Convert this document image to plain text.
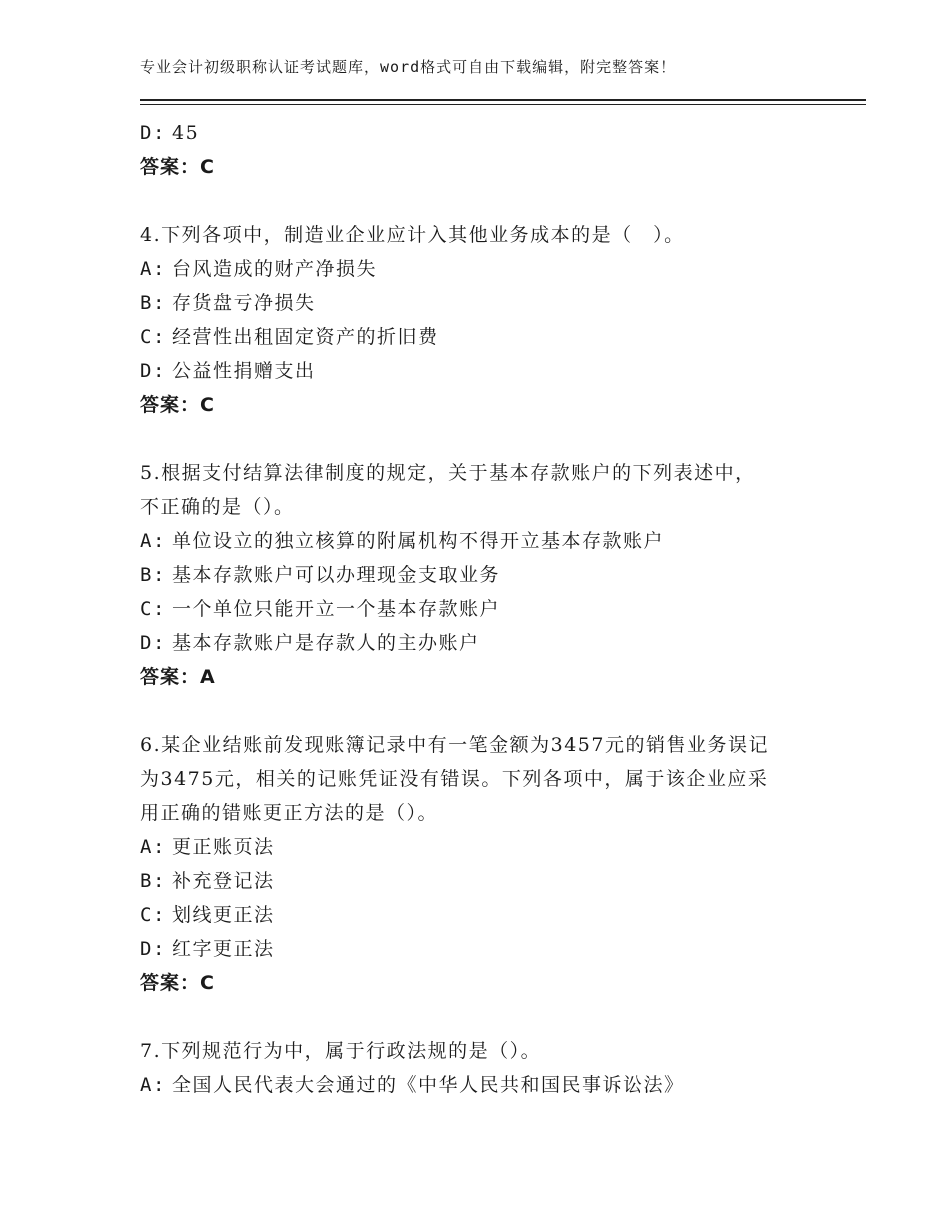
专业会计初级职称认证考试题库，word格式可自由下载编辑，附完整答案！
D: 45
答案：C
4.下列各项中，制造业企业应计入其他业务成本的是（　）。
A: 台风造成的财产净损失
B: 存货盘亏净损失
C: 经营性出租固定资产的折旧费
D: 公益性捐赠支出
答案：C
5.根据支付结算法律制度的规定，关于基本存款账户的下列表述中，
不正确的是（）。
A: 单位设立的独立核算的附属机构不得开立基本存款账户
B: 基本存款账户可以办理现金支取业务
C: 一个单位只能开立一个基本存款账户
D: 基本存款账户是存款人的主办账户
答案：A
6.某企业结账前发现账簿记录中有一笔金额为3457元的销售业务误记
为3475元，相关的记账凭证没有错误。下列各项中，属于该企业应采
用正确的错账更正方法的是（）。
A: 更正账页法
B: 补充登记法
C: 划线更正法
D: 红字更正法
答案：C
7.下列规范行为中，属于行政法规的是（）。
A: 全国人民代表大会通过的《中华人民共和国民事诉讼法》
